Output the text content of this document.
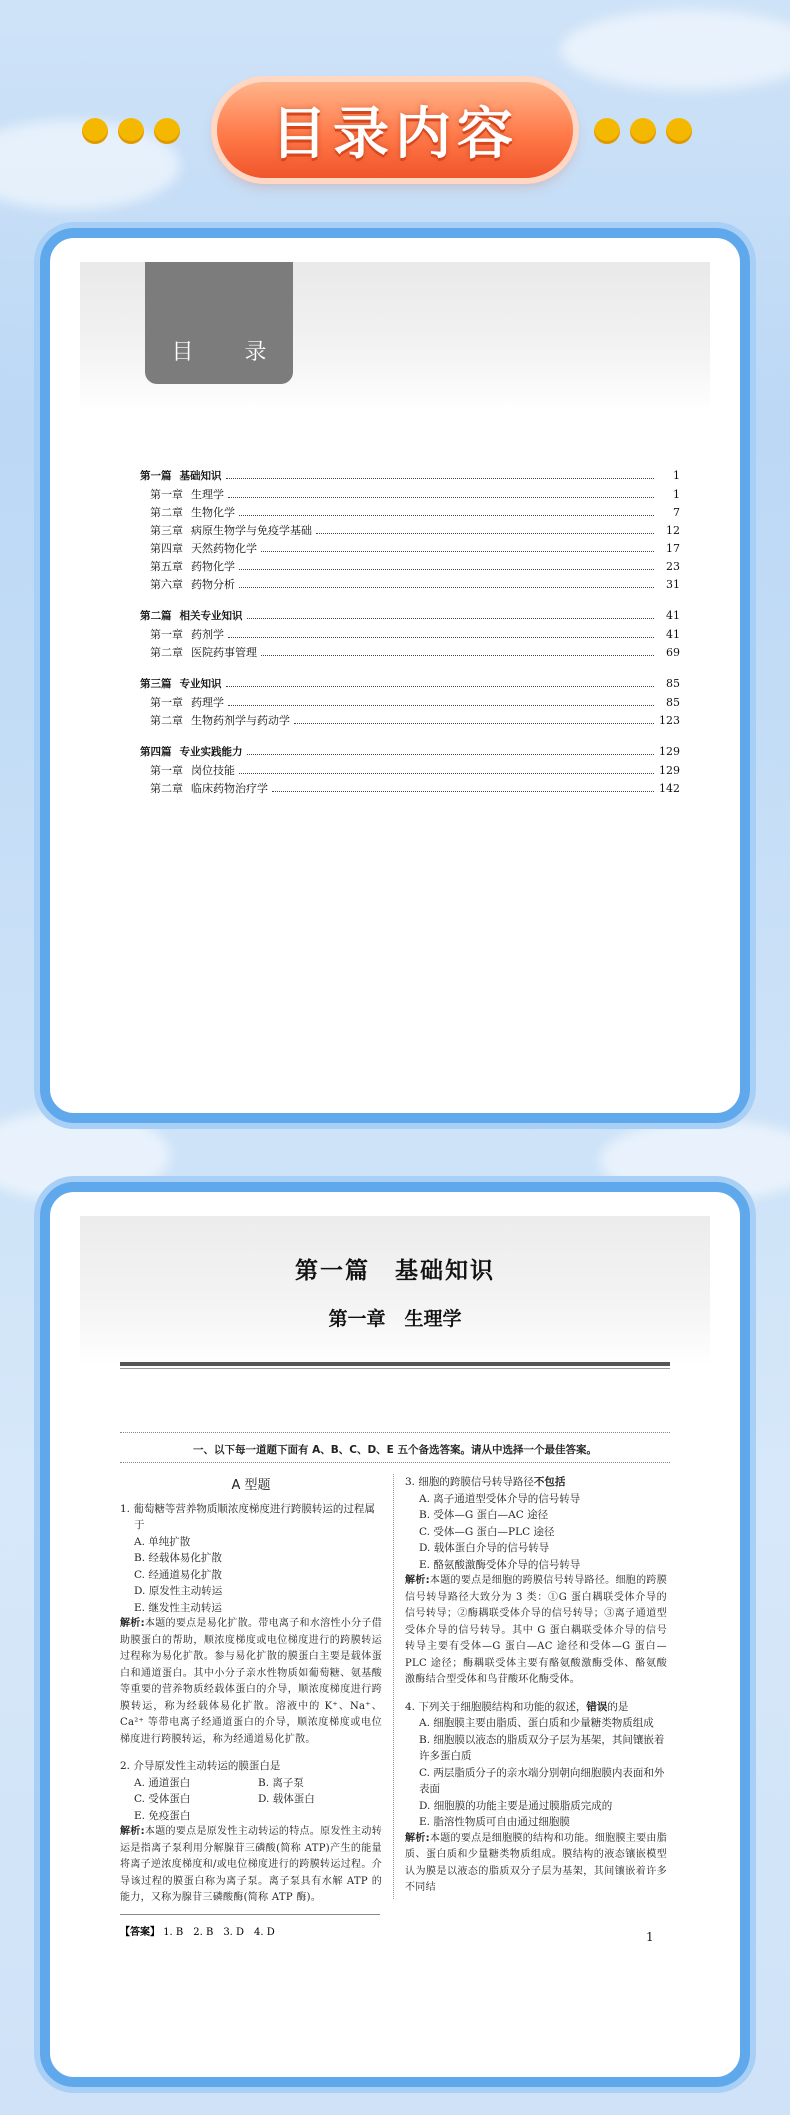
目录内容
目 录
第一篇 基础知识	1
第一章 生理学	1
第二章 生物化学	7
第三章 病原生物学与免疫学基础	12
第四章 天然药物化学	17
第五章 药物化学	23
第六章 药物分析	31
第二篇 相关专业知识	41
第一章 药剂学	41
第二章 医院药事管理	69
第三篇 专业知识	85
第一章 药理学	85
第二章 生物药剂学与药动学	123
第四篇 专业实践能力	129
第一章 岗位技能	129
第二章 临床药物治疗学	142
第一篇　基础知识
第一章　生理学
一、以下每一道题下面有 A、B、C、D、E 五个备选答案。请从中选择一个最佳答案。
A 型题
1. 葡萄糖等营养物质顺浓度梯度进行跨膜转运的过程属于
A. 单纯扩散
B. 经载体易化扩散
C. 经通道易化扩散
D. 原发性主动转运
E. 继发性主动转运
解析:本题的要点是易化扩散。带电离子和水溶性小分子借助膜蛋白的帮助，顺浓度梯度或电位梯度进行的跨膜转运过程称为易化扩散。参与易化扩散的膜蛋白主要是载体蛋白和通道蛋白。其中小分子亲水性物质如葡萄糖、氨基酸等重要的营养物质经载体蛋白的介导，顺浓度梯度进行跨膜转运，称为经载体易化扩散。溶液中的 K⁺、Na⁺、Ca²⁺ 等带电离子经通道蛋白的介导，顺浓度梯度或电位梯度进行跨膜转运，称为经通道易化扩散。
2. 介导原发性主动转运的膜蛋白是
A. 通道蛋白	B. 离子泵
C. 受体蛋白	D. 载体蛋白
E. 免疫蛋白
解析:本题的要点是原发性主动转运的特点。原发性主动转运是指离子泵利用分解腺苷三磷酸(简称 ATP)产生的能量将离子逆浓度梯度和/或电位梯度进行的跨膜转运过程。介导该过程的膜蛋白称为离子泵。离子泵具有水解 ATP 的能力，又称为腺苷三磷酸酶(简称 ATP 酶)。
3. 细胞的跨膜信号转导路径不包括
A. 离子通道型受体介导的信号转导
B. 受体—G 蛋白—AC 途径
C. 受体—G 蛋白—PLC 途径
D. 载体蛋白介导的信号转导
E. 酪氨酸激酶受体介导的信号转导
解析:本题的要点是细胞的跨膜信号转导路径。细胞的跨膜信号转导路径大致分为 3 类：①G 蛋白耦联受体介导的信号转导；②酶耦联受体介导的信号转导；③离子通道型受体介导的信号转导。其中 G 蛋白耦联受体介导的信号转导主要有受体—G 蛋白—AC 途径和受体—G 蛋白—PLC 途径；酶耦联受体主要有酪氨酸激酶受体、酪氨酸激酶结合型受体和鸟苷酸环化酶受体。
4. 下列关于细胞膜结构和功能的叙述，错误的是
A. 细胞膜主要由脂质、蛋白质和少量糖类物质组成
B. 细胞膜以液态的脂质双分子层为基架，其间镶嵌着许多蛋白质
C. 两层脂质分子的亲水端分别朝向细胞膜内表面和外表面
D. 细胞膜的功能主要是通过膜脂质完成的
E. 脂溶性物质可自由通过细胞膜
解析:本题的要点是细胞膜的结构和功能。细胞膜主要由脂质、蛋白质和少量糖类物质组成。膜结构的液态镶嵌模型认为膜是以液态的脂质双分子层为基架，其间镶嵌着许多不同结
【答案】 1. B　2. B　3. D　4. D	1
